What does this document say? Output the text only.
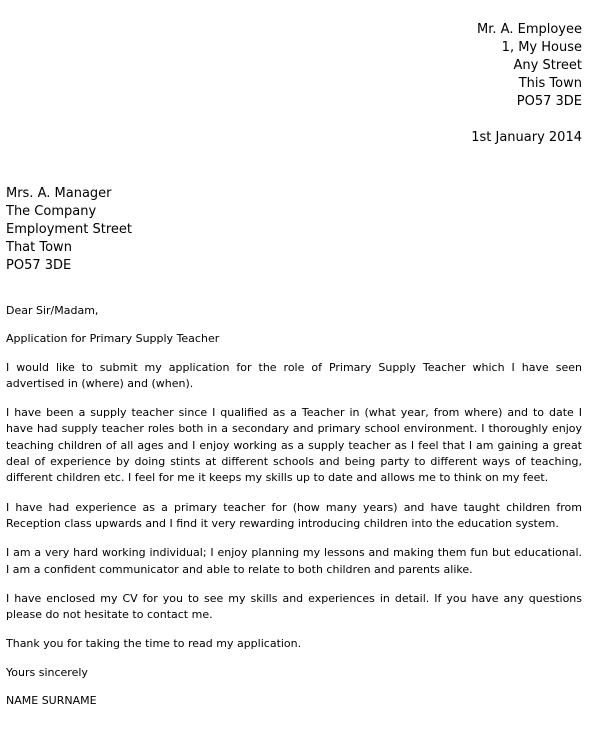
Mr. A. Employee
1, My House
Any Street
This Town
PO57 3DE
1st January 2014
Mrs. A. Manager
The Company
Employment Street
That Town
PO57 3DE

Dear Sir/Madam,

Application for Primary Supply Teacher

I would like to submit my application for the role of Primary Supply Teacher which I have seen advertised in (where) and (when).

I have been a supply teacher since I qualified as a Teacher in (what year, from where) and to date I have had supply teacher roles both in a secondary and primary school environment. I thoroughly enjoy teaching children of all ages and I enjoy working as a supply teacher as I feel that I am gaining a great deal of experience by doing stints at different schools and being party to different ways of teaching, different children etc. I feel for me it keeps my skills up to date and allows me to think on my feet.

I have had experience as a primary teacher for (how many years) and have taught children from Reception class upwards and I find it very rewarding introducing children into the education system.

I am a very hard working individual; I enjoy planning my lessons and making them fun but educational. I am a confident communicator and able to relate to both children and parents alike.

I have enclosed my CV for you to see my skills and experiences in detail. If you have any questions please do not hesitate to contact me.

Thank you for taking the time to read my application.

Yours sincerely

NAME SURNAME
